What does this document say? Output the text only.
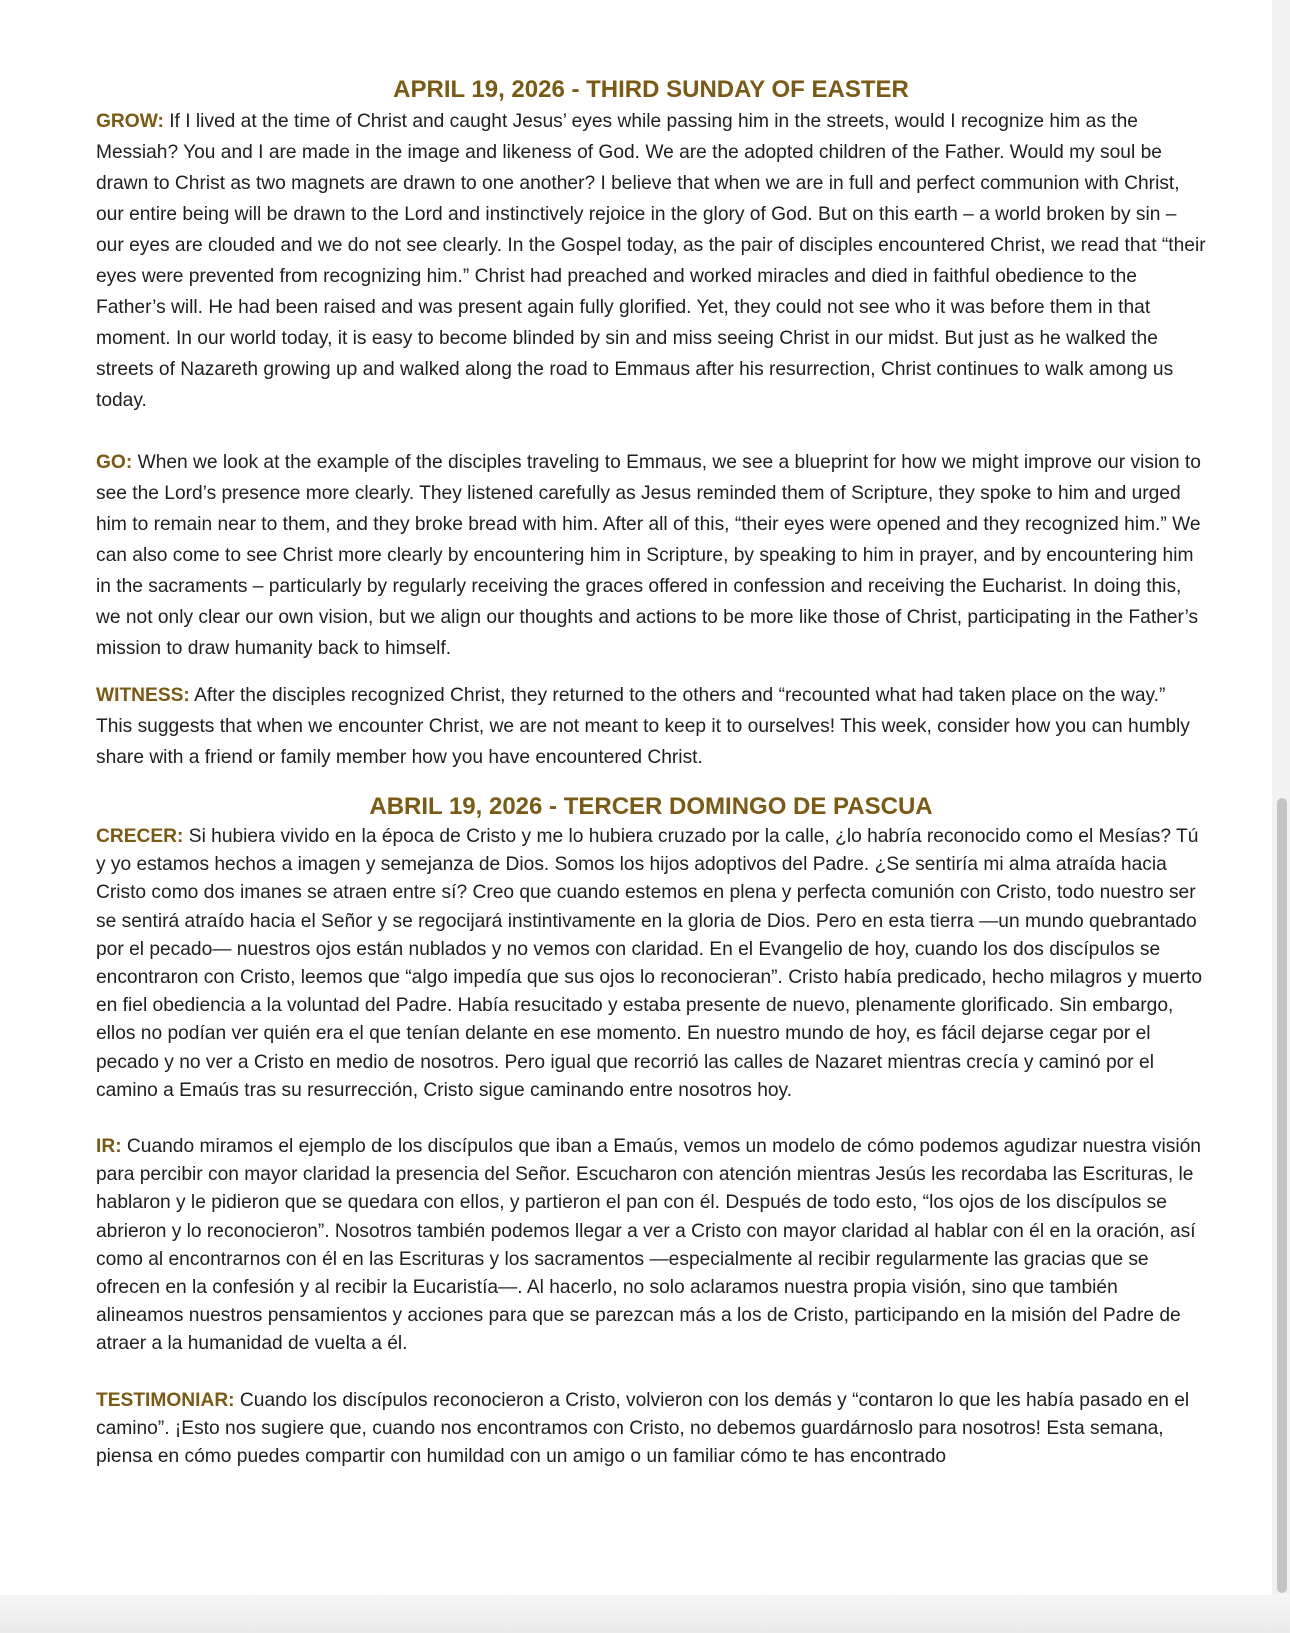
APRIL 19, 2026 - THIRD SUNDAY OF EASTER

GROW: If I lived at the time of Christ and caught Jesus’ eyes while passing him in the streets, would I recognize him as the Messiah? You and I are made in the image and likeness of God. We are the adopted children of the Father. Would my soul be drawn to Christ as two magnets are drawn to one another? I believe that when we are in full and perfect communion with Christ, our entire being will be drawn to the Lord and instinctively rejoice in the glory of God. But on this earth – a world broken by sin – our eyes are clouded and we do not see clearly. In the Gospel today, as the pair of disciples encountered Christ, we read that “their eyes were prevented from recognizing him.” Christ had preached and worked miracles and died in faithful obedience to the Father’s will. He had been raised and was present again fully glorified. Yet, they could not see who it was before them in that moment. In our world today, it is easy to become blinded by sin and miss seeing Christ in our midst. But just as he walked the streets of Nazareth growing up and walked along the road to Emmaus after his resurrection, Christ continues to walk among us today.

GO: When we look at the example of the disciples traveling to Emmaus, we see a blueprint for how we might improve our vision to see the Lord’s presence more clearly. They listened carefully as Jesus reminded them of Scripture, they spoke to him and urged him to remain near to them, and they broke bread with him. After all of this, “their eyes were opened and they recognized him.” We can also come to see Christ more clearly by encountering him in Scripture, by speaking to him in prayer, and by encountering him in the sacraments – particularly by regularly receiving the graces offered in confession and receiving the Eucharist. In doing this, we not only clear our own vision, but we align our thoughts and actions to be more like those of Christ, participating in the Father’s mission to draw humanity back to himself.

WITNESS: After the disciples recognized Christ, they returned to the others and “recounted what had taken place on the way.” This suggests that when we encounter Christ, we are not meant to keep it to ourselves! This week, consider how you can humbly share with a friend or family member how you have encountered Christ.

ABRIL 19, 2026 - TERCER DOMINGO DE PASCUA

CRECER: Si hubiera vivido en la época de Cristo y me lo hubiera cruzado por la calle, ¿lo habría reconocido como el Mesías? Tú y yo estamos hechos a imagen y semejanza de Dios. Somos los hijos adoptivos del Padre. ¿Se sentiría mi alma atraída hacia Cristo como dos imanes se atraen entre sí? Creo que cuando estemos en plena y perfecta comunión con Cristo, todo nuestro ser se sentirá atraído hacia el Señor y se regocijará instintivamente en la gloria de Dios. Pero en esta tierra —un mundo quebrantado por el pecado— nuestros ojos están nublados y no vemos con claridad. En el Evangelio de hoy, cuando los dos discípulos se encontraron con Cristo, leemos que “algo impedía que sus ojos lo reconocieran”. Cristo había predicado, hecho milagros y muerto en fiel obediencia a la voluntad del Padre. Había resucitado y estaba presente de nuevo, plenamente glorificado. Sin embargo, ellos no podían ver quién era el que tenían delante en ese momento. En nuestro mundo de hoy, es fácil dejarse cegar por el pecado y no ver a Cristo en medio de nosotros. Pero igual que recorrió las calles de Nazaret mientras crecía y caminó por el camino a Emaús tras su resurrección, Cristo sigue caminando entre nosotros hoy.

IR: Cuando miramos el ejemplo de los discípulos que iban a Emaús, vemos un modelo de cómo podemos agudizar nuestra visión para percibir con mayor claridad la presencia del Señor. Escucharon con atención mientras Jesús les recordaba las Escrituras, le hablaron y le pidieron que se quedara con ellos, y partieron el pan con él. Después de todo esto, “los ojos de los discípulos se abrieron y lo reconocieron”. Nosotros también podemos llegar a ver a Cristo con mayor claridad al hablar con él en la oración, así como al encontrarnos con él en las Escrituras y los sacramentos —especialmente al recibir regularmente las gracias que se ofrecen en la confesión y al recibir la Eucaristía—. Al hacerlo, no solo aclaramos nuestra propia visión, sino que también alineamos nuestros pensamientos y acciones para que se parezcan más a los de Cristo, participando en la misión del Padre de atraer a la humanidad de vuelta a él.

TESTIMONIAR: Cuando los discípulos reconocieron a Cristo, volvieron con los demás y “contaron lo que les había pasado en el camino”. ¡Esto nos sugiere que, cuando nos encontramos con Cristo, no debemos guardárnoslo para nosotros! Esta semana, piensa en cómo puedes compartir con humildad con un amigo o un familiar cómo te has encontrado
